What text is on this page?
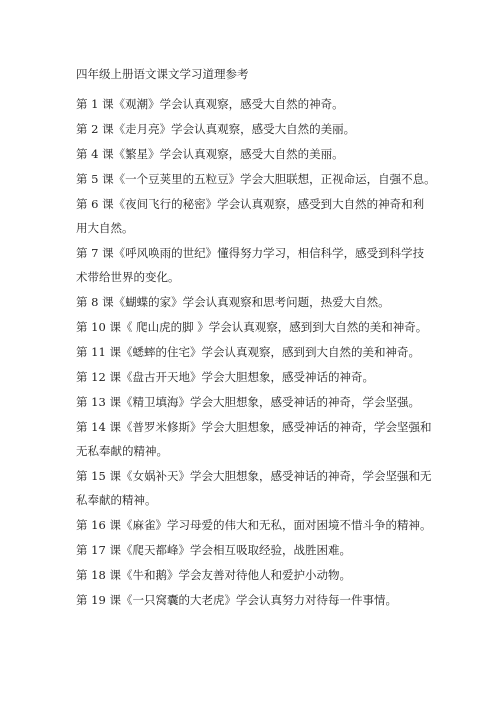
四年级上册语文课文学习道理参考
第 1 课《观潮》学会认真观察，感受大自然的神奇。
第 2 课《走月亮》学会认真观察，感受大自然的美丽。
第 4 课《繁星》学会认真观察，感受大自然的美丽。
第 5 课《一个豆荚里的五粒豆》学会大胆联想，正视命运，自强不息。
第 6 课《夜间飞行的秘密》学会认真观察，感受到大自然的神奇和利用大自然。
第 7 课《呼风唤雨的世纪》懂得努力学习，相信科学，感受到科学技术带给世界的变化。
第 8 课《蝴蝶的家》学会认真观察和思考问题，热爱大自然。
第 10 课《 爬山虎的脚 》学会认真观察，感到到大自然的美和神奇。
第 11 课《蟋蟀的住宅》学会认真观察，感到到大自然的美和神奇。
第 12 课《盘古开天地》学会大胆想象，感受神话的神奇。
第 13 课《精卫填海》学会大胆想象，感受神话的神奇，学会坚强。
第 14 课《普罗米修斯》学会大胆想象，感受神话的神奇，学会坚强和无私奉献的精神。
第 15 课《女娲补天》学会大胆想象，感受神话的神奇，学会坚强和无私奉献的精神。
第 16 课《麻雀》学习母爱的伟大和无私，面对困境不惜斗争的精神。
第 17 课《爬天都峰》学会相互吸取经验，战胜困难。
第 18 课《牛和鹅》学会友善对待他人和爱护小动物。
第 19 课《一只窝囊的大老虎》学会认真努力对待每一件事情。
